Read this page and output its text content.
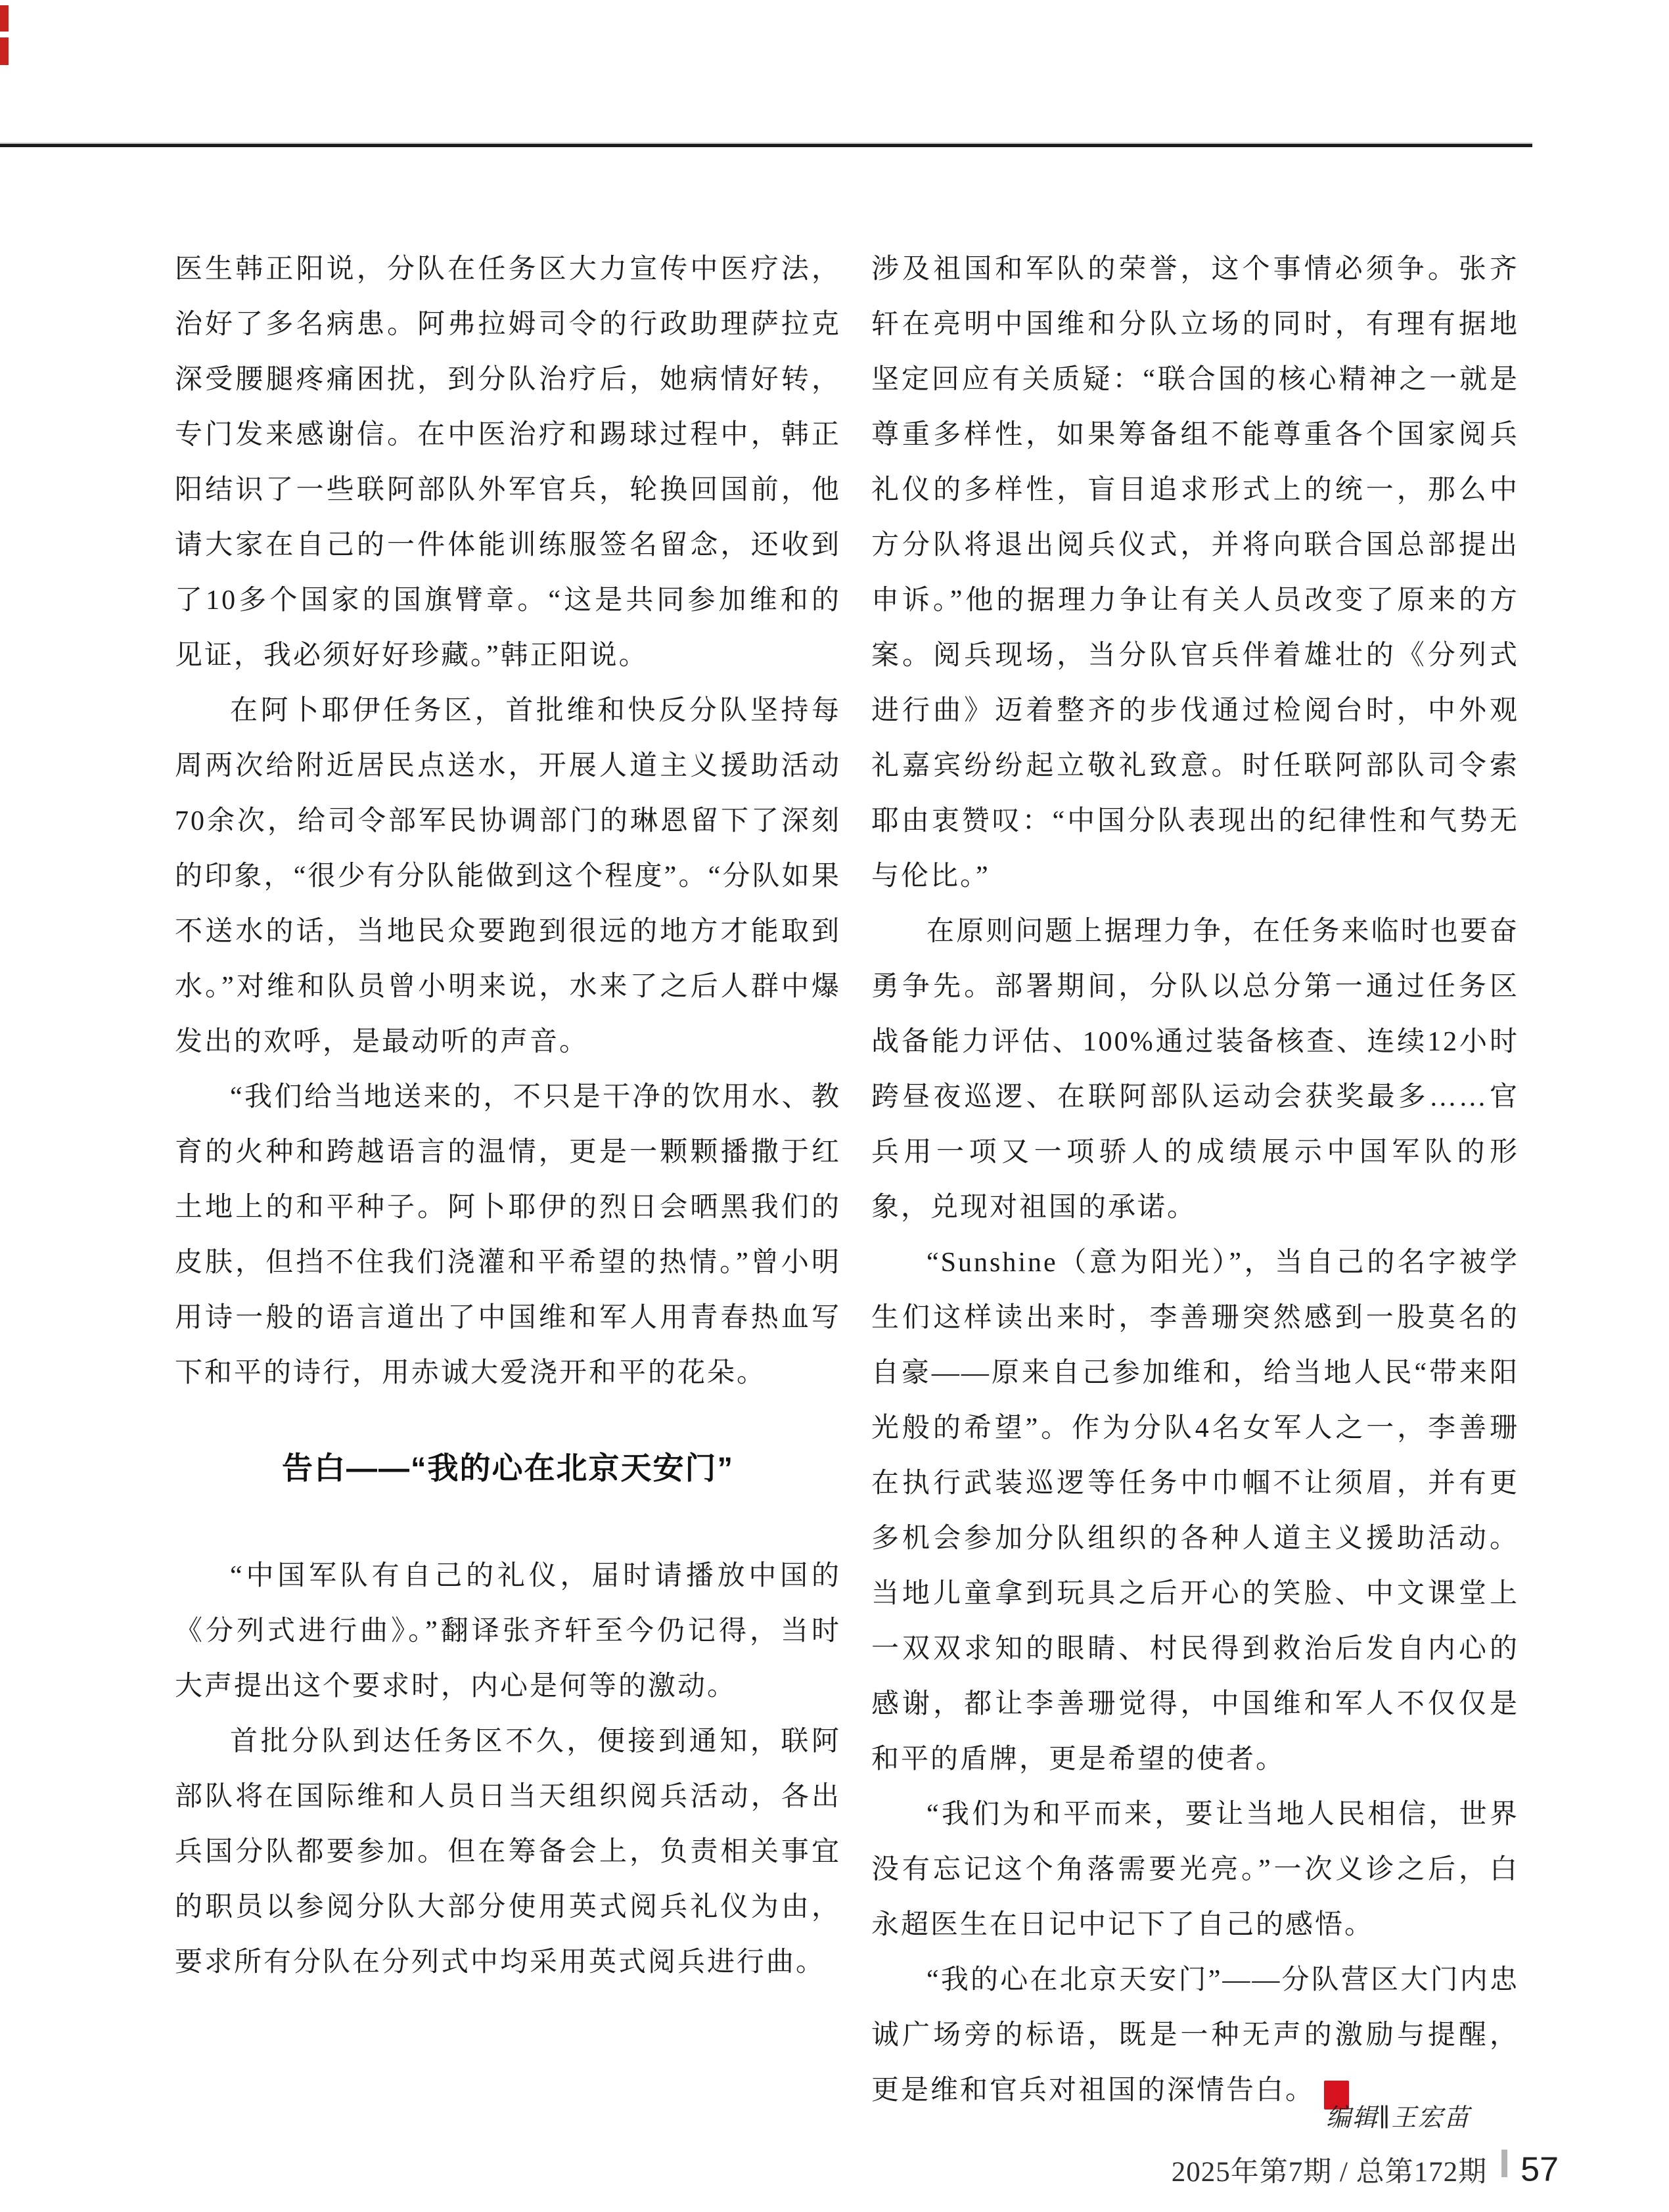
医生韩正阳说，分队在任务区大力宣传中医疗法，治好了多名病患。阿弗拉姆司令的行政助理萨拉克深受腰腿疼痛困扰，到分队治疗后，她病情好转，专门发来感谢信。在中医治疗和踢球过程中，韩正阳结识了一些联阿部队外军官兵，轮换回国前，他请大家在自己的一件体能训练服签名留念，还收到了10多个国家的国旗臂章。“这是共同参加维和的见证，我必须好好珍藏。”韩正阳说。

在阿卜耶伊任务区，首批维和快反分队坚持每周两次给附近居民点送水，开展人道主义援助活动70余次，给司令部军民协调部门的琳恩留下了深刻的印象，“很少有分队能做到这个程度”。“分队如果不送水的话，当地民众要跑到很远的地方才能取到水。”对维和队员曾小明来说，水来了之后人群中爆发出的欢呼，是最动听的声音。

“我们给当地送来的，不只是干净的饮用水、教育的火种和跨越语言的温情，更是一颗颗播撒于红土地上的和平种子。阿卜耶伊的烈日会晒黑我们的皮肤，但挡不住我们浇灌和平希望的热情。”曾小明用诗一般的语言道出了中国维和军人用青春热血写下和平的诗行，用赤诚大爱浇开和平的花朵。

告白——“我的心在北京天安门”

“中国军队有自己的礼仪，届时请播放中国的《分列式进行曲》。”翻译张齐轩至今仍记得，当时大声提出这个要求时，内心是何等的激动。

首批分队到达任务区不久，便接到通知，联阿部队将在国际维和人员日当天组织阅兵活动，各出兵国分队都要参加。但在筹备会上，负责相关事宜的职员以参阅分队大部分使用英式阅兵礼仪为由，要求所有分队在分列式中均采用英式阅兵进行曲。

涉及祖国和军队的荣誉，这个事情必须争。张齐轩在亮明中国维和分队立场的同时，有理有据地坚定回应有关质疑：“联合国的核心精神之一就是尊重多样性，如果筹备组不能尊重各个国家阅兵礼仪的多样性，盲目追求形式上的统一，那么中方分队将退出阅兵仪式，并将向联合国总部提出申诉。”他的据理力争让有关人员改变了原来的方案。阅兵现场，当分队官兵伴着雄壮的《分列式进行曲》迈着整齐的步伐通过检阅台时，中外观礼嘉宾纷纷起立敬礼致意。时任联阿部队司令索耶由衷赞叹：“中国分队表现出的纪律性和气势无与伦比。”

在原则问题上据理力争，在任务来临时也要奋勇争先。部署期间，分队以总分第一通过任务区战备能力评估、100%通过装备核查、连续12小时跨昼夜巡逻、在联阿部队运动会获奖最多……官兵用一项又一项骄人的成绩展示中国军队的形象，兑现对祖国的承诺。

“Sunshine（意为阳光）”，当自己的名字被学生们这样读出来时，李善珊突然感到一股莫名的自豪——原来自己参加维和，给当地人民“带来阳光般的希望”。作为分队4名女军人之一，李善珊在执行武装巡逻等任务中巾帼不让须眉，并有更多机会参加分队组织的各种人道主义援助活动。当地儿童拿到玩具之后开心的笑脸、中文课堂上一双双求知的眼睛、村民得到救治后发自内心的感谢，都让李善珊觉得，中国维和军人不仅仅是和平的盾牌，更是希望的使者。

“我们为和平而来，要让当地人民相信，世界没有忘记这个角落需要光亮。”一次义诊之后，白永超医生在日记中记下了自己的感悟。

“我的心在北京天安门”——分队营区大门内忠诚广场旁的标语，既是一种无声的激励与提醒，更是维和官兵对祖国的深情告白。	G

编辑∥王宏苗
2025年第7期 / 总第172期 57
